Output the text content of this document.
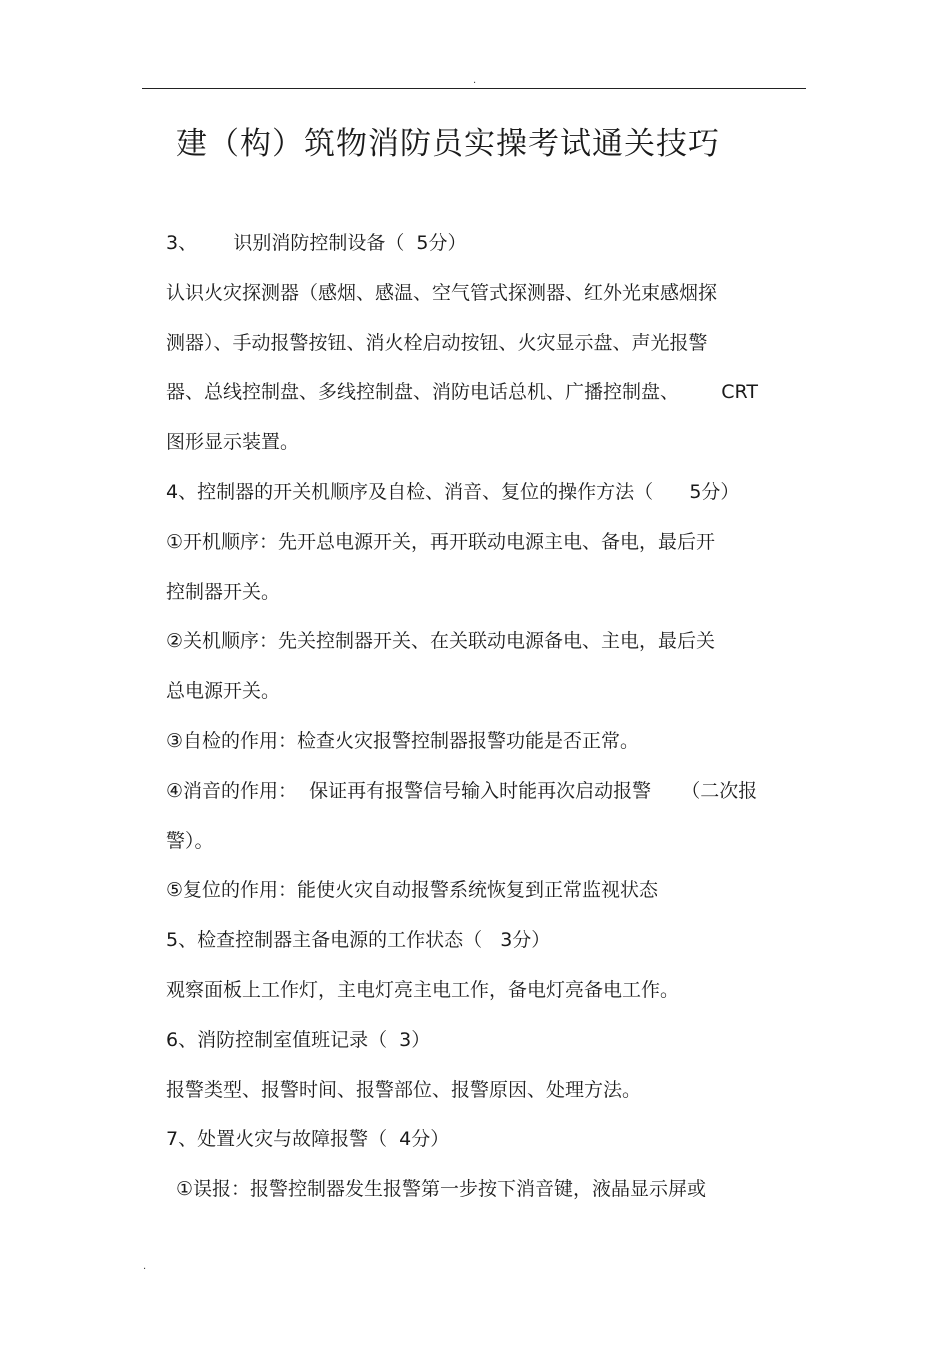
.
建（构）筑物消防员实操考试通关技巧
3、      识别消防控制设备（  5分）
认识火灾探测器（感烟、感温、空气管式探测器、红外光束感烟探
测器）、手动报警按钮、消火栓启动按钮、火灾显示盘、声光报警
器、总线控制盘、多线控制盘、消防电话总机、广播控制盘、       CRT
图形显示装置。
4、控制器的开关机顺序及自检、消音、复位的操作方法（      5分）
①开机顺序：先开总电源开关，再开联动电源主电、备电，最后开
控制器开关。
②关机顺序：先关控制器开关、在关联动电源备电、主电，最后关
总电源开关。
③自检的作用：检查火灾报警控制器报警功能是否正常。
④消音的作用：  保证再有报警信号输入时能再次启动报警     （二次报
警）。
⑤复位的作用：能使火灾自动报警系统恢复到正常监视状态
5、检查控制器主备电源的工作状态（   3分）
观察面板上工作灯，主电灯亮主电工作，备电灯亮备电工作。
6、消防控制室值班记录（  3）
报警类型、报警时间、报警部位、报警原因、处理方法。
7、处置火灾与故障报警（  4分）
①误报：报警控制器发生报警第一步按下消音键，液晶显示屏或
.
